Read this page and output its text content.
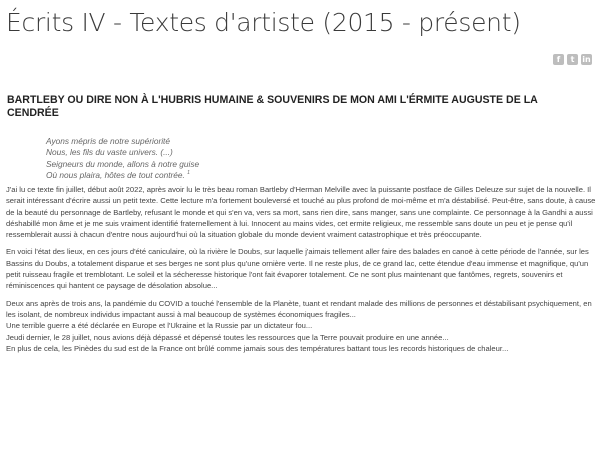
Écrits IV - Textes d'artiste (2015 - présent)
f	t in
BARTLEBY OU DIRE NON À L'HUBRIS HUMAINE & SOUVENIRS DE MON AMI L'ÉRMITE AUGUSTE DE LA CENDRÉE
Ayons mépris de notre supériorité
Nous, les fils du vaste univers. (...)
Seigneurs du monde, allons à notre guise
Où nous plaira, hôtes de tout contrée. $^1$

J'ai lu ce texte fin juillet, début août 2022, après avoir lu le très beau roman Bartleby d'Herman Melville avec la puissante postface de Gilles Deleuze sur sujet de la nouvelle. Il serait intéressant d'écrire aussi un petit texte. Cette lecture m'a fortement bouleversé et touché au plus profond de moi-même et m'a déstabilisé. Peut-être, sans doute, à cause de la beauté du personnage de Bartleby, refusant le monde et qui s'en va, vers sa mort, sans rien dire, sans manger, sans une complainte. Ce personnage à la Gandhi a aussi déshabillé mon âme et je me suis vraiment identifié fraternellement à lui. Innocent au mains vides, cet ermite religieux, me ressemble sans doute un peu et je pense qu'il ressemblerait aussi à chacun d'entre nous aujourd'hui où la situation globale du monde devient vraiment catastrophique et très préoccupante.

En voici l'état des lieux, en ces jours d'été caniculaire, où la rivière le Doubs, sur laquelle j'aimais tellement aller faire des balades en canoë à cette période de l'année, sur les Bassins du Doubs, a totalement disparue et ses berges ne sont plus qu'une ornière verte. Il ne reste plus, de ce grand lac, cette étendue d'eau immense et magnifique, qu'un petit ruisseau fragile et tremblotant. Le soleil et la sécheresse historique l'ont fait évaporer totalement. Ce ne sont plus maintenant que fantômes, regrets, souvenirs et réminiscences qui hantent ce paysage de désolation absolue...

Deux ans après de trois ans, la pandémie du COVID a touché l'ensemble de la Planète, tuant et rendant malade des millions de personnes et déstabilisant psychiquement, en les isolant, de nombreux individus impactant aussi à mal beaucoup de systèmes économiques fragiles...

Une terrible guerre a été déclarée en Europe et l'Ukraine et la Russie par un dictateur fou...

Jeudi dernier, le 28 juillet, nous avions déjà dépassé et dépensé toutes les ressources que la Terre pouvait produire en une année...

En plus de cela, les Pinèdes du sud est de la France ont brûlé comme jamais sous des températures battant tous les records historiques de chaleur...
